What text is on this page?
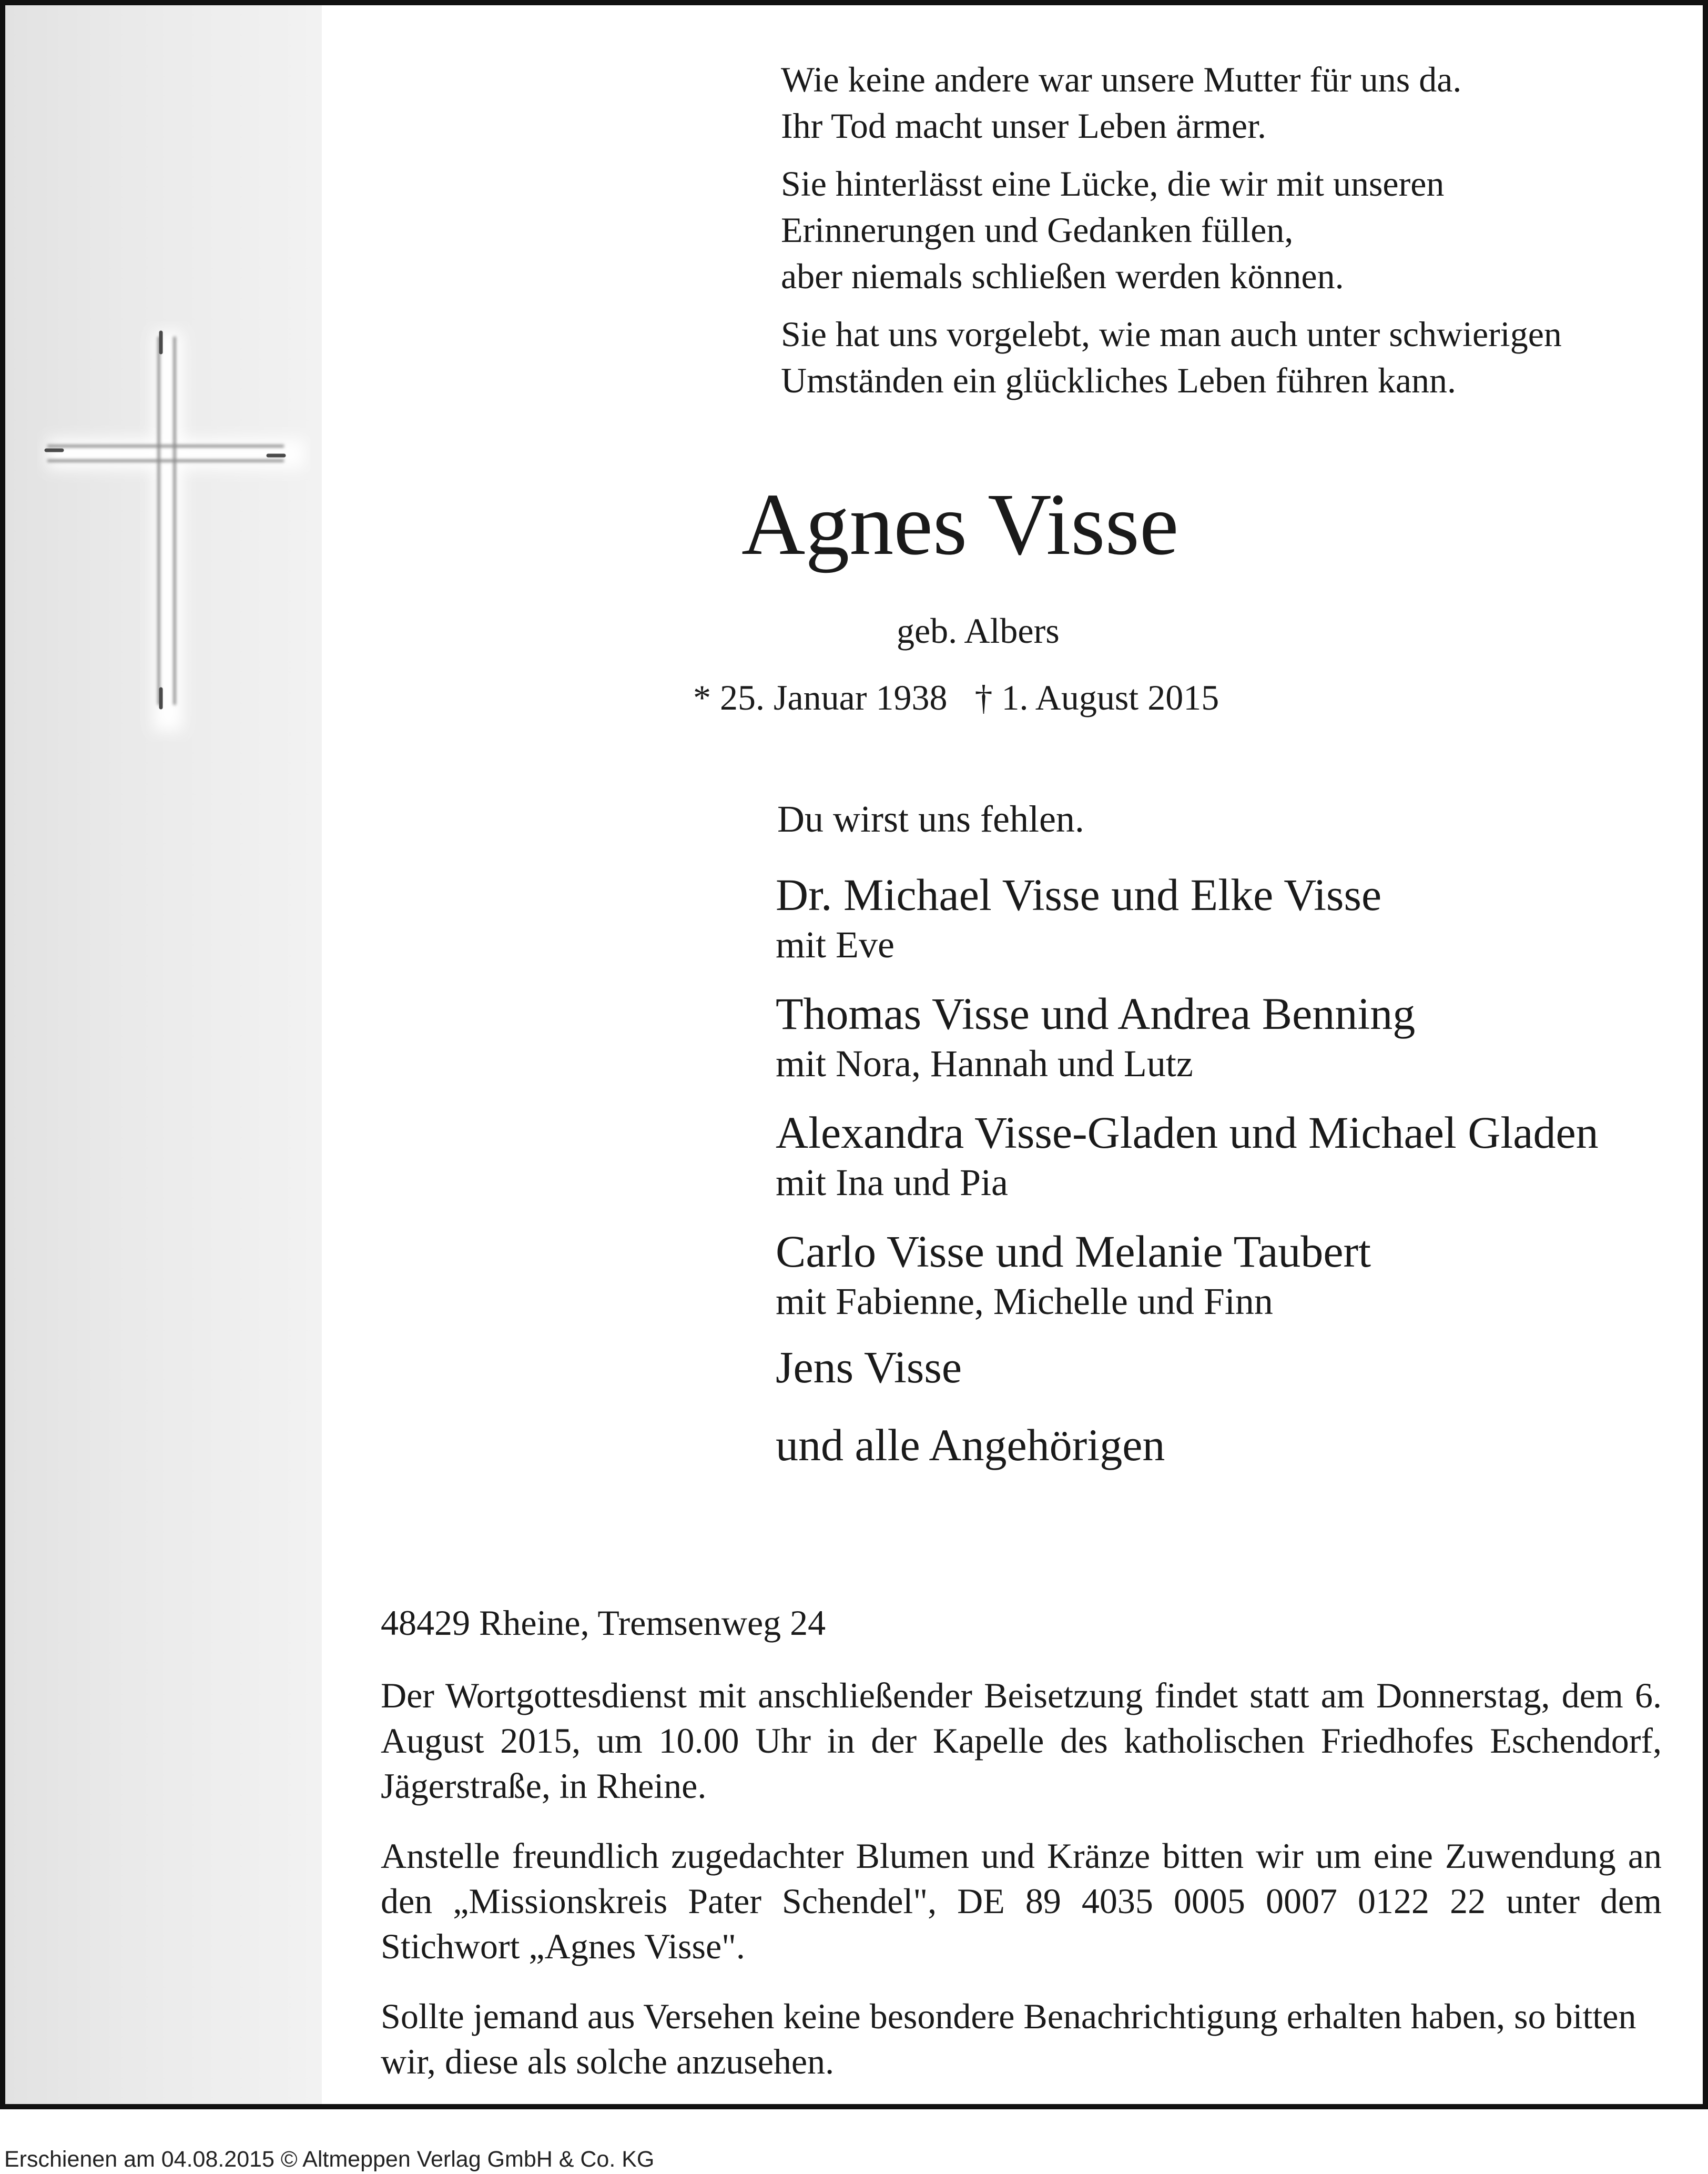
Wie keine andere war unsere Mutter für uns da.
Ihr Tod macht unser Leben ärmer.
Sie hinterlässt eine Lücke, die wir mit unseren
Erinnerungen und Gedanken füllen,
aber niemals schließen werden können.
Sie hat uns vorgelebt, wie man auch unter schwierigen
Umständen ein glückliches Leben führen kann.
Agnes Visse
geb. Albers
* 25. Januar 1938 † 1. August 2015
Du wirst uns fehlen.
Dr. Michael Visse und Elke Visse
mit Eve
Thomas Visse und Andrea Benning
mit Nora, Hannah und Lutz
Alexandra Visse-Gladen und Michael Gladen
mit Ina und Pia
Carlo Visse und Melanie Taubert
mit Fabienne, Michelle und Finn
Jens Visse
und alle Angehörigen
48429 Rheine, Tremsenweg 24
Der Wortgottesdienst mit anschließender Beisetzung findet statt am Donnerstag, dem 6. August 2015, um 10.00 Uhr in der Kapelle des katholischen Friedhofes Eschendorf, Jägerstraße, in Rheine.
Anstelle freundlich zugedachter Blumen und Kränze bitten wir um eine Zuwendung an den „Missionskreis Pater Schendel", DE 89 4035 0005 0007 0122 22 unter dem Stichwort „Agnes Visse".
Sollte jemand aus Versehen keine besondere Benachrichtigung erhalten haben, so bitten wir, diese als solche anzusehen.
Erschienen am 04.08.2015 © Altmeppen Verlag GmbH & Co. KG
